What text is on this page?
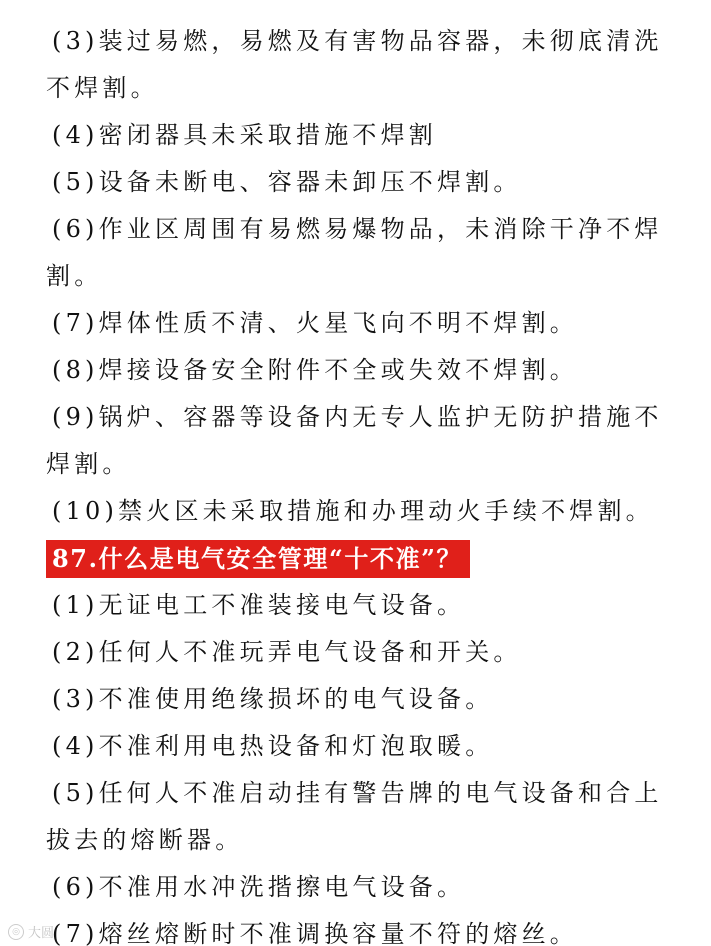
(3)装过易燃，易燃及有害物品容器，未彻底清洗
不焊割。
(4)密闭器具未采取措施不焊割
(5)设备未断电、容器未卸压不焊割。
(6)作业区周围有易燃易爆物品，未消除干净不焊
割。
(7)焊体性质不清、火星飞向不明不焊割。
(8)焊接设备安全附件不全或失效不焊割。
(9)锅炉、容器等设备内无专人监护无防护措施不
焊割。
(10)禁火区未采取措施和办理动火手续不焊割。
87.什么是电气安全管理“十不准”？
(1)无证电工不准装接电气设备。
(2)任何人不准玩弄电气设备和开关。
(3)不准使用绝缘损坏的电气设备。
(4)不准利用电热设备和灯泡取暖。
(5)任何人不准启动挂有警告牌的电气设备和合上
拔去的熔断器。
(6)不准用水冲洗揩擦电气设备。
(7)熔丝熔断时不准调换容量不符的熔丝。
◎ 大圆
